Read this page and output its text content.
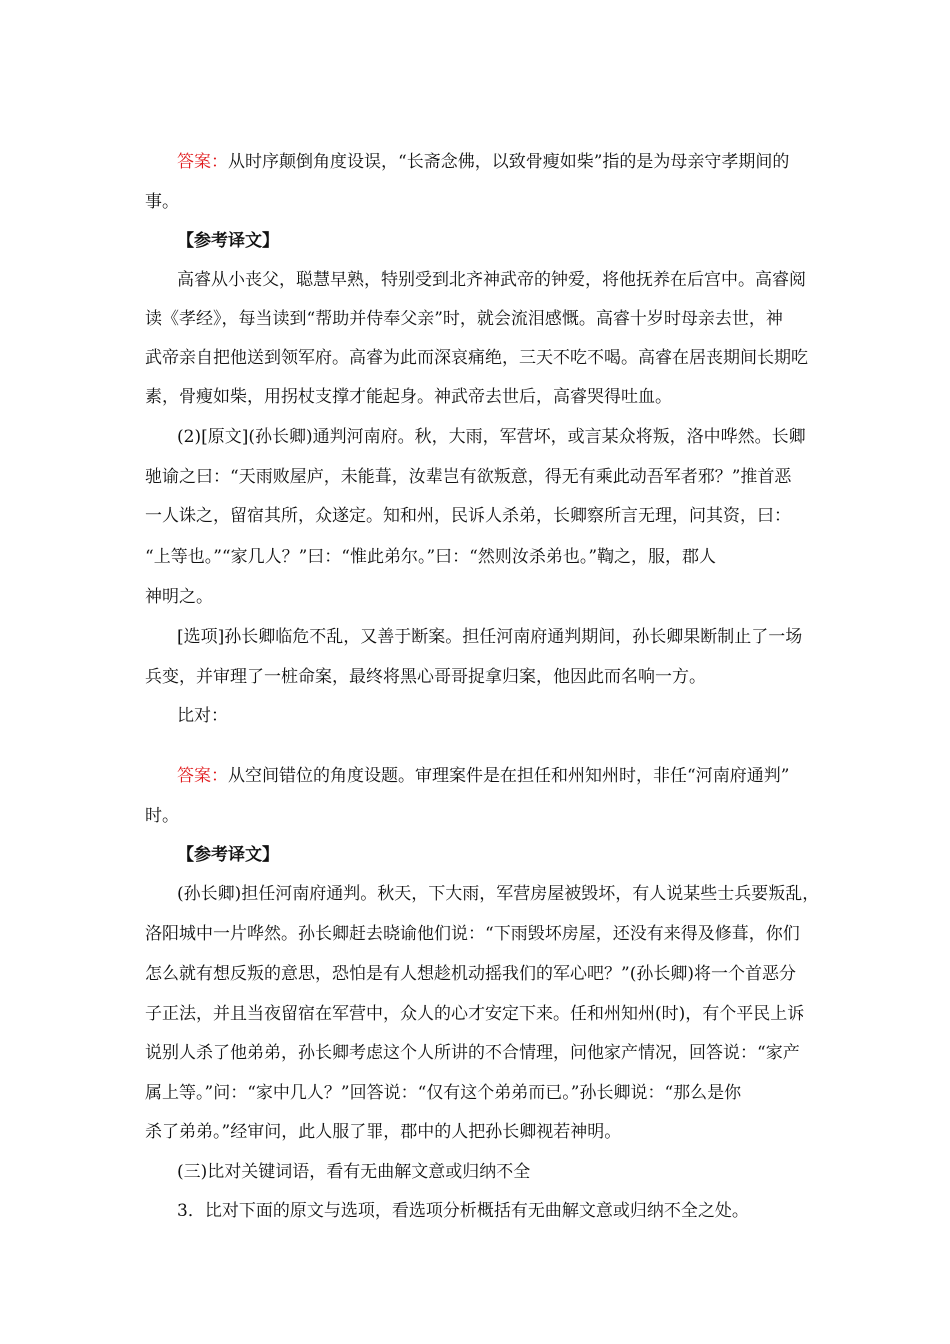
答案：从时序颠倒角度设误，“长斋念佛，以致骨瘦如柴”指的是为母亲守孝期间的
事。
【参考译文】
高睿从小丧父，聪慧早熟，特别受到北齐神武帝的钟爱，将他抚养在后宫中。高睿阅
读《孝经》，每当读到“帮助并侍奉父亲”时，就会流泪感慨。高睿十岁时母亲去世，神
武帝亲自把他送到领军府。高睿为此而深哀痛绝，三天不吃不喝。高睿在居丧期间长期吃
素，骨瘦如柴，用拐杖支撑才能起身。神武帝去世后，高睿哭得吐血。
(2)[原文](孙长卿)通判河南府。秋，大雨，军营坏，或言某众将叛，洛中哗然。长卿
驰谕之曰：“天雨败屋庐，未能葺，汝辈岂有欲叛意，得无有乘此动吾军者邪？”推首恶
一人诛之，留宿其所，众遂定。知和州，民诉人杀弟，长卿察所言无理，问其资，曰：
“上等也。”“家几人？”曰：“惟此弟尔。”曰：“然则汝杀弟也。”鞫之，服，郡人
神明之。
[选项]孙长卿临危不乱，又善于断案。担任河南府通判期间，孙长卿果断制止了一场
兵变，并审理了一桩命案，最终将黑心哥哥捉拿归案，他因此而名响一方。
比对：
答案：从空间错位的角度设题。审理案件是在担任和州知州时，非任“河南府通判”
时。
【参考译文】
(孙长卿)担任河南府通判。秋天，下大雨，军营房屋被毁坏，有人说某些士兵要叛乱，
洛阳城中一片哗然。孙长卿赶去晓谕他们说：“下雨毁坏房屋，还没有来得及修葺，你们
怎么就有想反叛的意思，恐怕是有人想趁机动摇我们的军心吧？”(孙长卿)将一个首恶分
子正法，并且当夜留宿在军营中，众人的心才安定下来。任和州知州(时)，有个平民上诉
说别人杀了他弟弟，孙长卿考虑这个人所讲的不合情理，问他家产情况，回答说：“家产
属上等。”问：“家中几人？”回答说：“仅有这个弟弟而已。”孙长卿说：“那么是你
杀了弟弟。”经审问，此人服了罪，郡中的人把孙长卿视若神明。
(三)比对关键词语，看有无曲解文意或归纳不全
3．比对下面的原文与选项，看选项分析概括有无曲解文意或归纳不全之处。
